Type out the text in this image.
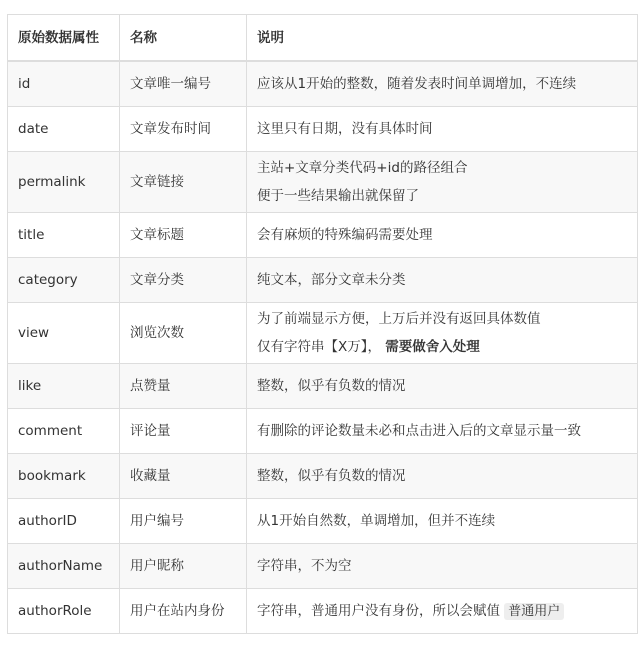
原始数据属性	名称	说明
id	文章唯一编号	应该从1开始的整数，随着发表时间单调增加，不连续
date	文章发布时间	这里只有日期，没有具体时间
permalink	文章链接	主站+文章分类代码+id的路径组合
便于一些结果输出就保留了

title	文章标题	会有麻烦的特殊编码需要处理
category	文章分类	纯文本，部分文章未分类
view	浏览次数	为了前端显示方便，上万后并没有返回具体数值
仅有字符串【X万】， 需要做舍入处理

like	点赞量	整数，似乎有负数的情况
comment	评论量	有删除的评论数量未必和点击进入后的文章显示量一致
bookmark	收藏量	整数，似乎有负数的情况
authorID	用户编号	从1开始自然数，单调增加，但并不连续
authorName	用户昵称	字符串，不为空
authorRole	用户在站内身份	字符串，普通用户没有身份，所以会赋值 普通用户
